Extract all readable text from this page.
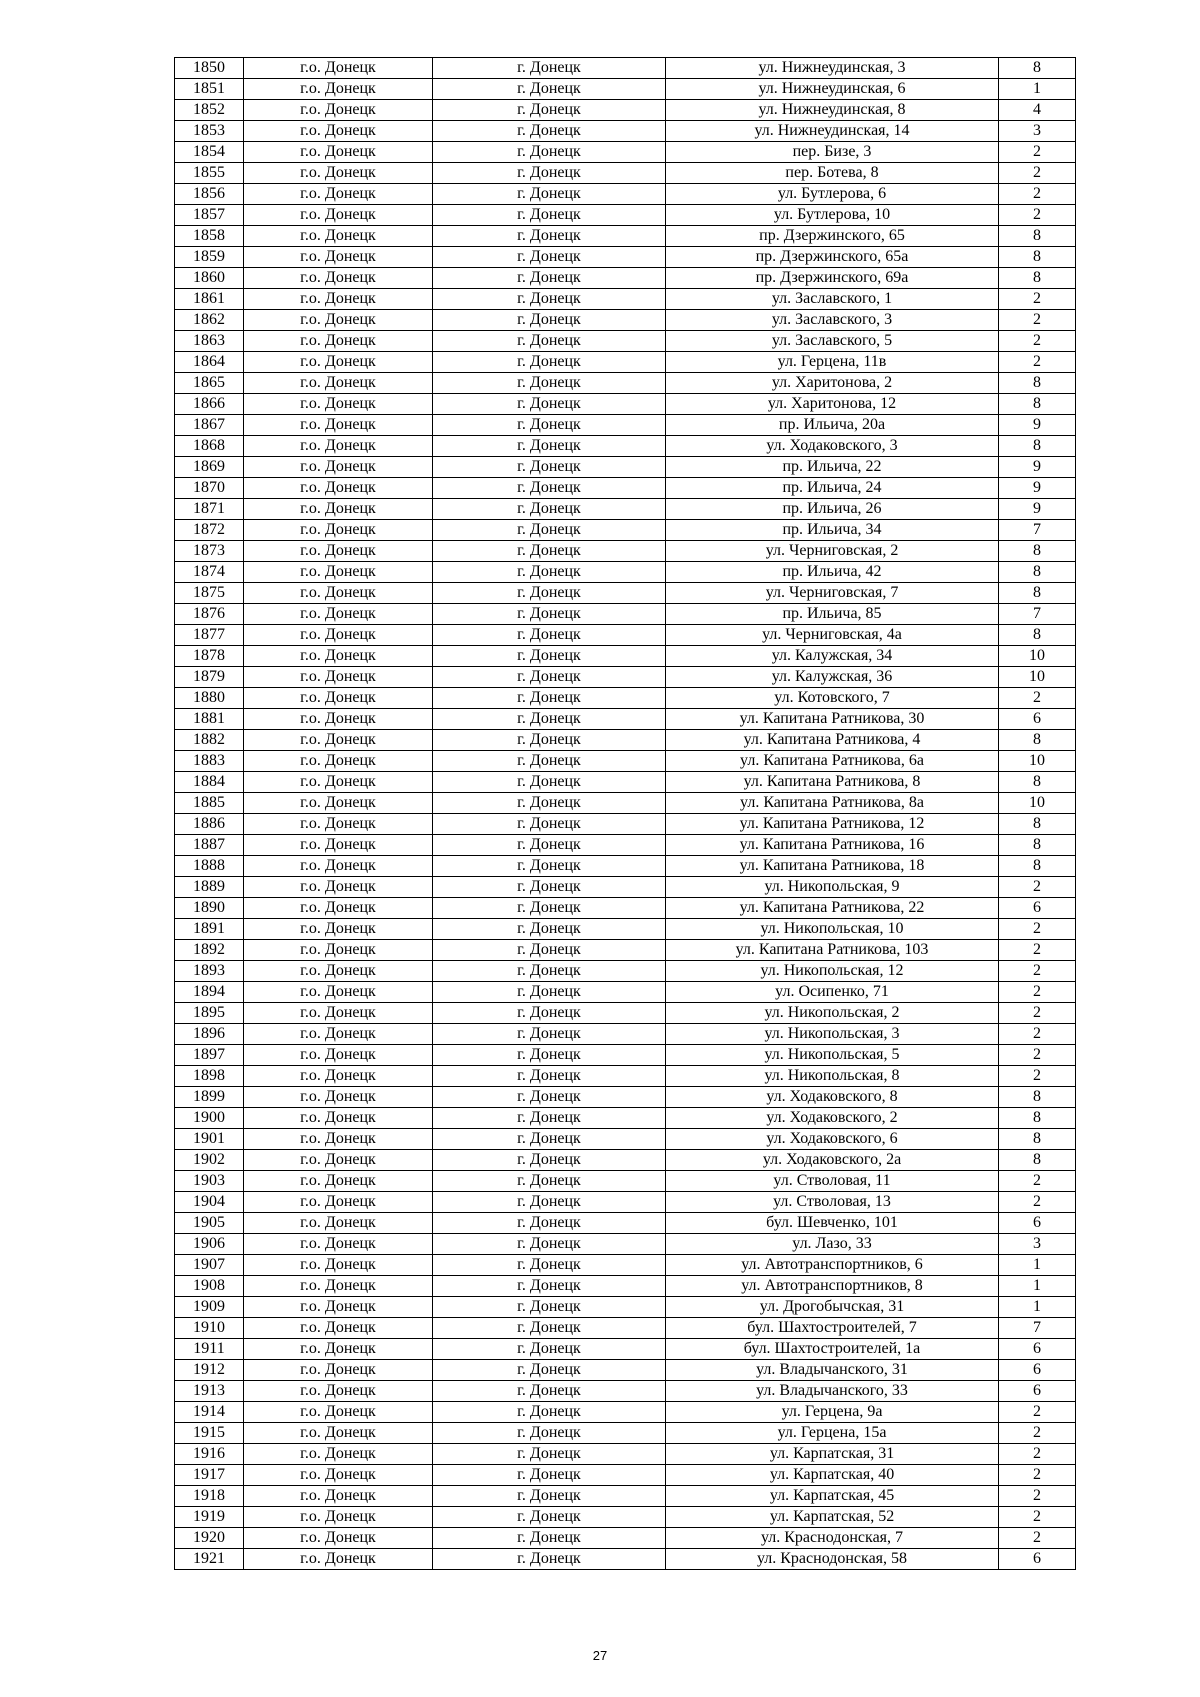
1850	г.о. Донецк	г. Донецк	ул. Нижнеудинская, 3	8
1851	г.о. Донецк	г. Донецк	ул. Нижнеудинская, 6	1
1852	г.о. Донецк	г. Донецк	ул. Нижнеудинская, 8	4
1853	г.о. Донецк	г. Донецк	ул. Нижнеудинская, 14	3
1854	г.о. Донецк	г. Донецк	пер. Бизе, 3	2
1855	г.о. Донецк	г. Донецк	пер. Ботева, 8	2
1856	г.о. Донецк	г. Донецк	ул. Бутлерова, 6	2
1857	г.о. Донецк	г. Донецк	ул. Бутлерова, 10	2
1858	г.о. Донецк	г. Донецк	пр. Дзержинского, 65	8
1859	г.о. Донецк	г. Донецк	пр. Дзержинского, 65а	8
1860	г.о. Донецк	г. Донецк	пр. Дзержинского, 69а	8
1861	г.о. Донецк	г. Донецк	ул. Заславского, 1	2
1862	г.о. Донецк	г. Донецк	ул. Заславского, 3	2
1863	г.о. Донецк	г. Донецк	ул. Заславского, 5	2
1864	г.о. Донецк	г. Донецк	ул. Герцена, 11в	2
1865	г.о. Донецк	г. Донецк	ул. Харитонова, 2	8
1866	г.о. Донецк	г. Донецк	ул. Харитонова, 12	8
1867	г.о. Донецк	г. Донецк	пр. Ильича, 20а	9
1868	г.о. Донецк	г. Донецк	ул. Ходаковского, 3	8
1869	г.о. Донецк	г. Донецк	пр. Ильича, 22	9
1870	г.о. Донецк	г. Донецк	пр. Ильича, 24	9
1871	г.о. Донецк	г. Донецк	пр. Ильича, 26	9
1872	г.о. Донецк	г. Донецк	пр. Ильича, 34	7
1873	г.о. Донецк	г. Донецк	ул. Черниговская, 2	8
1874	г.о. Донецк	г. Донецк	пр. Ильича, 42	8
1875	г.о. Донецк	г. Донецк	ул. Черниговская, 7	8
1876	г.о. Донецк	г. Донецк	пр. Ильича, 85	7
1877	г.о. Донецк	г. Донецк	ул. Черниговская, 4а	8
1878	г.о. Донецк	г. Донецк	ул. Калужская, 34	10
1879	г.о. Донецк	г. Донецк	ул. Калужская, 36	10
1880	г.о. Донецк	г. Донецк	ул. Котовского, 7	2
1881	г.о. Донецк	г. Донецк	ул. Капитана Ратникова, 30	6
1882	г.о. Донецк	г. Донецк	ул. Капитана Ратникова, 4	8
1883	г.о. Донецк	г. Донецк	ул. Капитана Ратникова, 6а	10
1884	г.о. Донецк	г. Донецк	ул. Капитана Ратникова, 8	8
1885	г.о. Донецк	г. Донецк	ул. Капитана Ратникова, 8а	10
1886	г.о. Донецк	г. Донецк	ул. Капитана Ратникова, 12	8
1887	г.о. Донецк	г. Донецк	ул. Капитана Ратникова, 16	8
1888	г.о. Донецк	г. Донецк	ул. Капитана Ратникова, 18	8
1889	г.о. Донецк	г. Донецк	ул. Никопольская, 9	2
1890	г.о. Донецк	г. Донецк	ул. Капитана Ратникова, 22	6
1891	г.о. Донецк	г. Донецк	ул. Никопольская, 10	2
1892	г.о. Донецк	г. Донецк	ул. Капитана Ратникова, 103	2
1893	г.о. Донецк	г. Донецк	ул. Никопольская, 12	2
1894	г.о. Донецк	г. Донецк	ул. Осипенко, 71	2
1895	г.о. Донецк	г. Донецк	ул. Никопольская, 2	2
1896	г.о. Донецк	г. Донецк	ул. Никопольская, 3	2
1897	г.о. Донецк	г. Донецк	ул. Никопольская, 5	2
1898	г.о. Донецк	г. Донецк	ул. Никопольская, 8	2
1899	г.о. Донецк	г. Донецк	ул. Ходаковского, 8	8
1900	г.о. Донецк	г. Донецк	ул. Ходаковского, 2	8
1901	г.о. Донецк	г. Донецк	ул. Ходаковского, 6	8
1902	г.о. Донецк	г. Донецк	ул. Ходаковского, 2а	8
1903	г.о. Донецк	г. Донецк	ул. Стволовая, 11	2
1904	г.о. Донецк	г. Донецк	ул. Стволовая, 13	2
1905	г.о. Донецк	г. Донецк	бул. Шевченко, 101	6
1906	г.о. Донецк	г. Донецк	ул. Лазо, 33	3
1907	г.о. Донецк	г. Донецк	ул. Автотранспортников, 6	1
1908	г.о. Донецк	г. Донецк	ул. Автотранспортников, 8	1
1909	г.о. Донецк	г. Донецк	ул. Дрогобычская, 31	1
1910	г.о. Донецк	г. Донецк	бул. Шахтостроителей, 7	7
1911	г.о. Донецк	г. Донецк	бул. Шахтостроителей, 1а	6
1912	г.о. Донецк	г. Донецк	ул. Владычанского, 31	6
1913	г.о. Донецк	г. Донецк	ул. Владычанского, 33	6
1914	г.о. Донецк	г. Донецк	ул. Герцена, 9а	2
1915	г.о. Донецк	г. Донецк	ул. Герцена, 15а	2
1916	г.о. Донецк	г. Донецк	ул. Карпатская, 31	2
1917	г.о. Донецк	г. Донецк	ул. Карпатская, 40	2
1918	г.о. Донецк	г. Донецк	ул. Карпатская, 45	2
1919	г.о. Донецк	г. Донецк	ул. Карпатская, 52	2
1920	г.о. Донецк	г. Донецк	ул. Краснодонская, 7	2
1921	г.о. Донецк	г. Донецк	ул. Краснодонская, 58	6
27
